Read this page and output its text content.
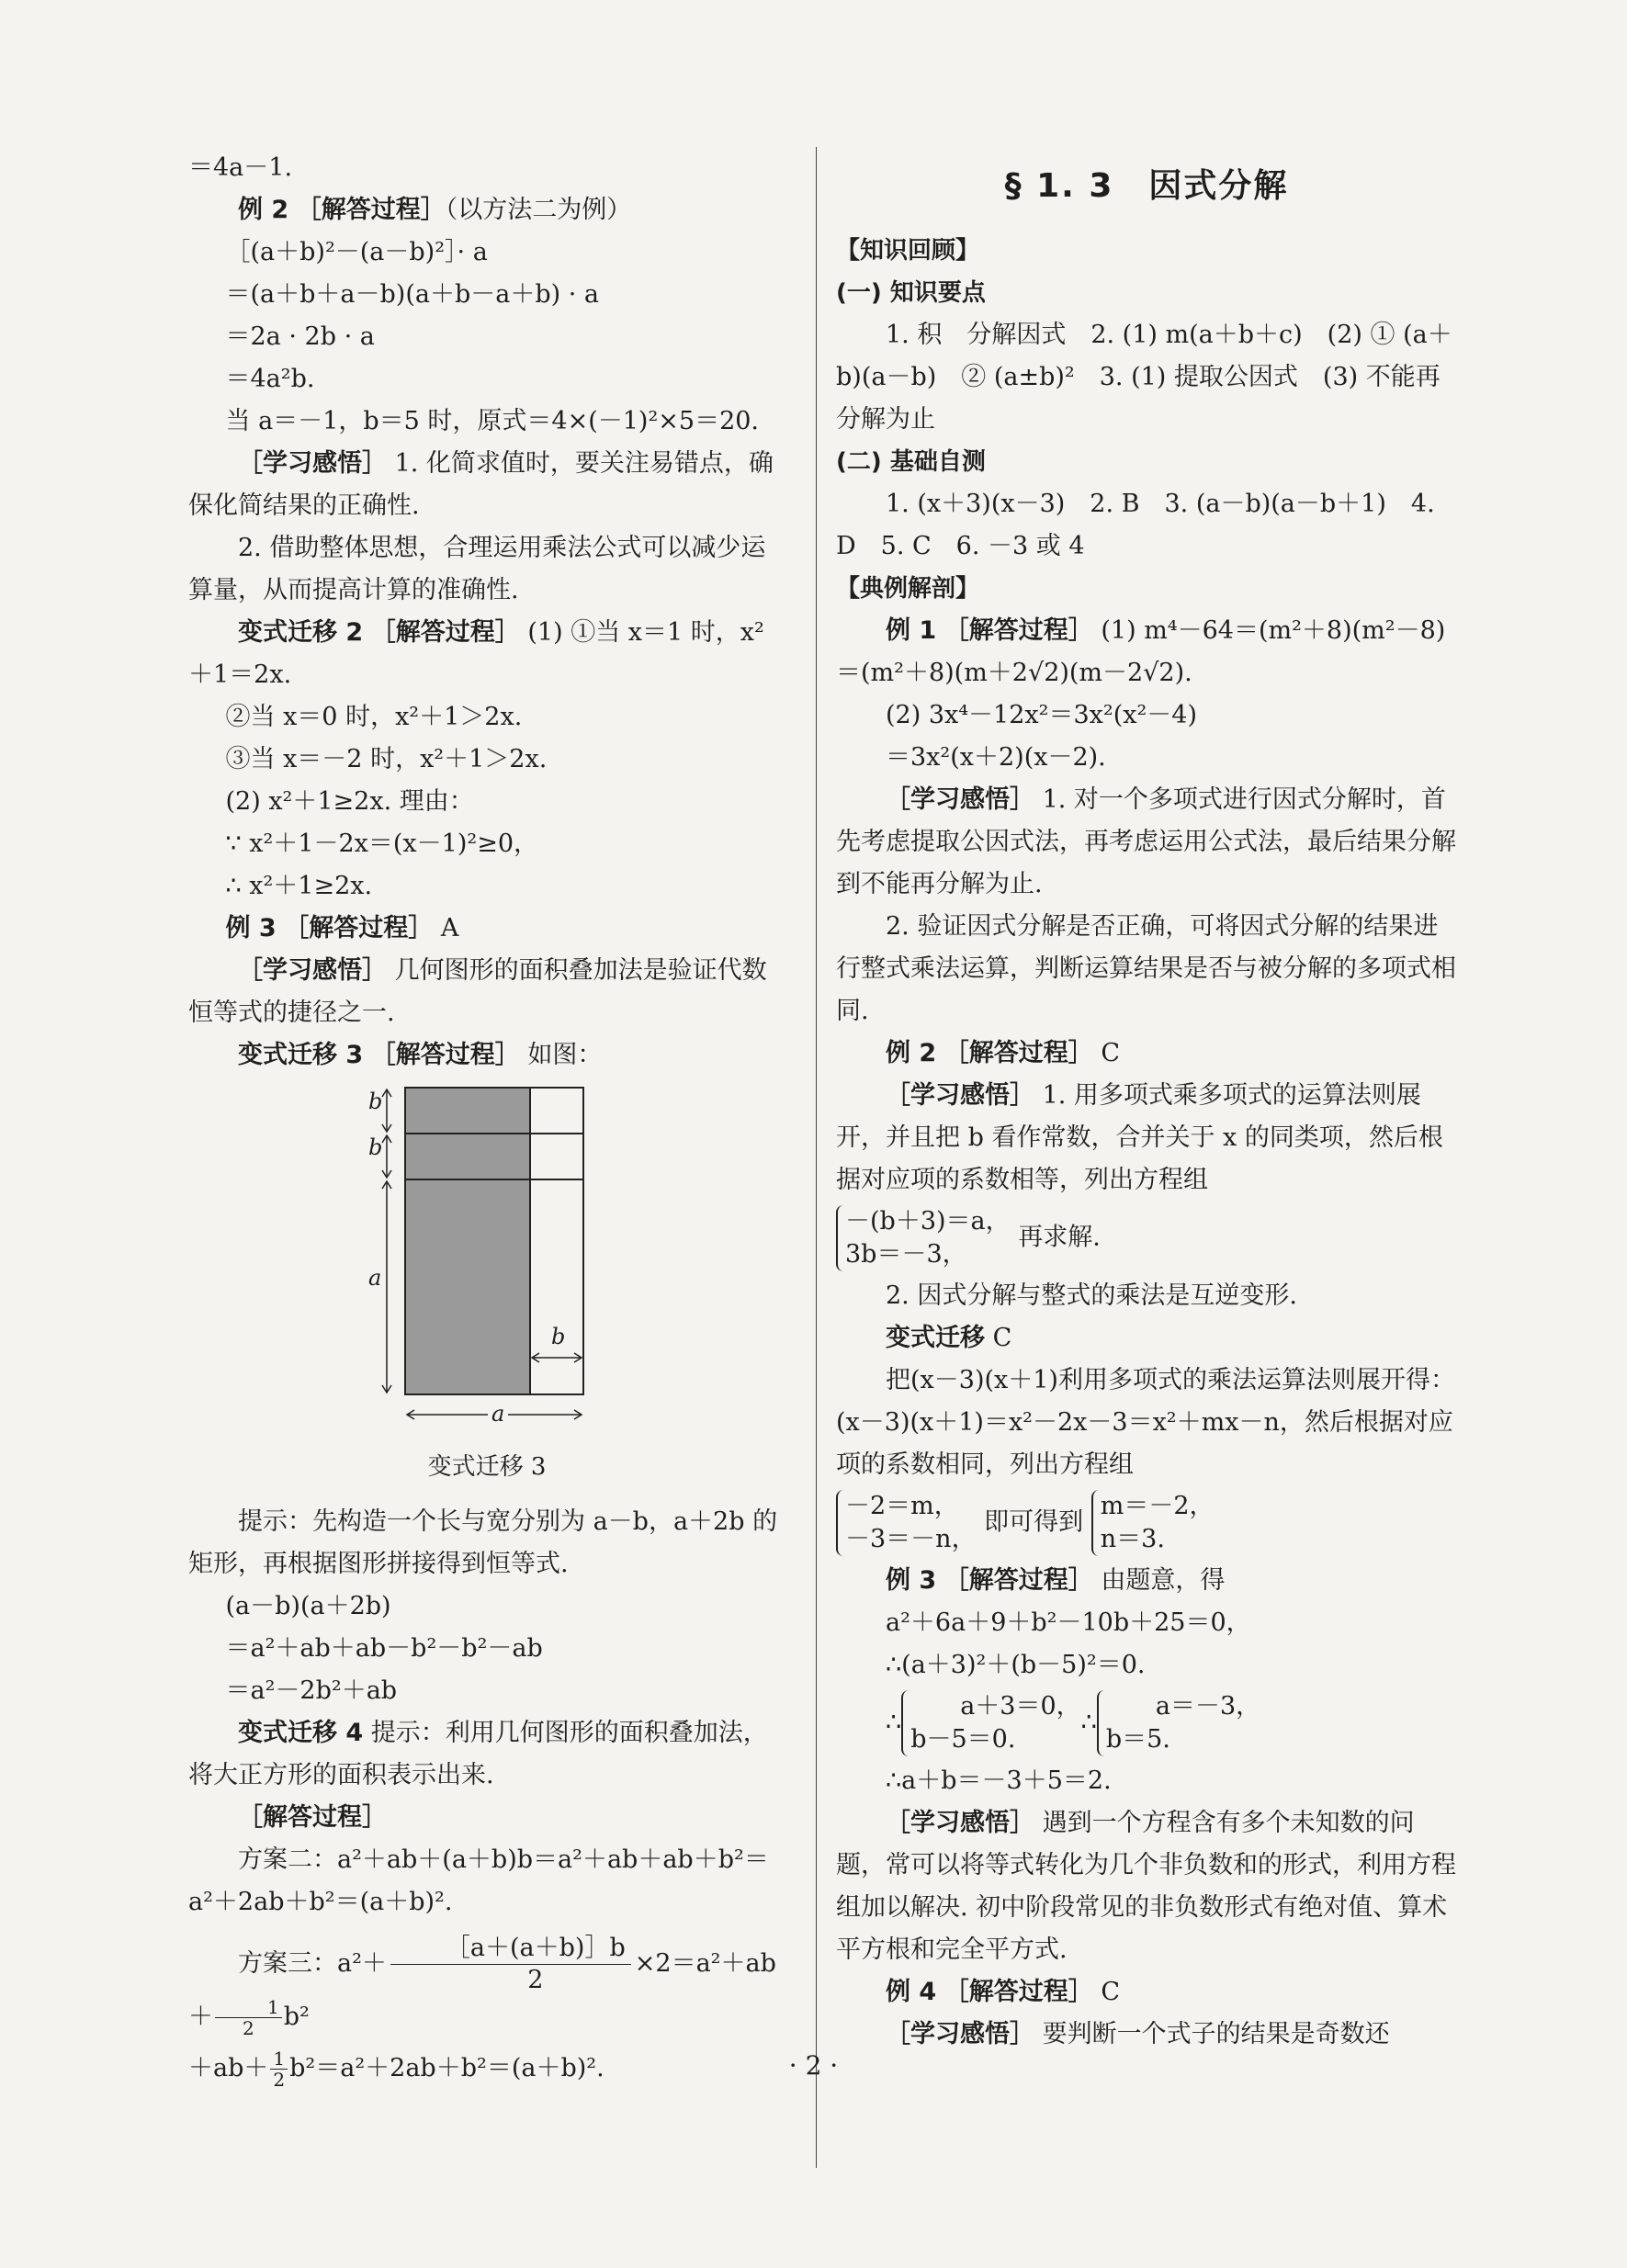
＝4a－1.

例 2 ［解答过程］（以方法二为例）

［(a＋b)²－(a－b)²］· a

＝(a＋b＋a－b)(a＋b－a＋b) · a

＝2a · 2b · a

＝4a²b.

当 a＝－1，b＝5 时，原式＝4×(－1)²×5＝20.

［学习感悟］ 1. 化简求值时，要关注易错点，确保化简结果的正确性.

2. 借助整体思想，合理运用乘法公式可以减少运算量，从而提高计算的准确性.

变式迁移 2 ［解答过程］ (1) ①当 x＝1 时，x²＋1＝2x.

②当 x＝0 时，x²＋1＞2x.

③当 x＝－2 时，x²＋1＞2x.

(2) x²＋1≥2x. 理由：

∵ x²＋1－2x＝(x－1)²≥0，

∴ x²＋1≥2x.

例 3 ［解答过程］ A

［学习感悟］ 几何图形的面积叠加法是验证代数恒等式的捷径之一.

变式迁移 3 ［解答过程］ 如图：

b
b
a
b
a

变式迁移 3

提示：先构造一个长与宽分别为 a－b，a＋2b 的矩形，再根据图形拼接得到恒等式.

(a－b)(a＋2b)

＝a²＋ab＋ab－b²－b²－ab

＝a²－2b²＋ab

变式迁移 4 提示：利用几何图形的面积叠加法，将大正方形的面积表示出来.

［解答过程］

方案二：a²＋ab＋(a＋b)b＝a²＋ab＋ab＋b²＝a²＋2ab＋b²＝(a＋b)².

方案三：$a^2+ \frac{[a+(a+b)]b}{2} \times 2=a^2+ab+ \frac{1}{2}b^2$

$+ab+ \frac{1}{2}b^2=a^2+2ab+b^2=(a+b)^2$.

§ 1. 3　因式分解

【知识回顾】

(一) 知识要点

1. 积　分解因式　2. (1) m(a＋b＋c)　(2) ① (a＋b)(a－b)　② (a±b)²　3. (1) 提取公因式　(3) 不能再分解为止

(二) 基础自测

1. (x＋3)(x－3)　2. B　3. (a－b)(a－b＋1)　4. D　5. C　6. －3 或 4

【典例解剖】

例 1 ［解答过程］ (1) m⁴－64＝(m²＋8)(m²－8)＝(m²＋8)(m＋2√2)(m－2√2).

(2) 3x⁴－12x²＝3x²(x²－4)

＝3x²(x＋2)(x－2).

［学习感悟］ 1. 对一个多项式进行因式分解时，首先考虑提取公因式法，再考虑运用公式法，最后结果分解到不能再分解为止.

2. 验证因式分解是否正确，可将因式分解的结果进行整式乘法运算，判断运算结果是否与被分解的多项式相同.

例 2 ［解答过程］ C

［学习感悟］ 1. 用多项式乘多项式的运算法则展开，并且把 b 看作常数，合并关于 x 的同类项，然后根据对应项的系数相等，列出方程组

－(b＋3)＝a，
3b＝－3， 再求解.

2. 因式分解与整式的乘法是互逆变形.

变式迁移 C

把(x－3)(x＋1)利用多项式的乘法运算法则展开得：(x－3)(x＋1)＝x²－2x－3＝x²＋mx－n，然后根据对应项的系数相同，列出方程组

－2＝m，
－3＝－n， 即可得到 m＝－2，
n＝3.

例 3 ［解答过程］ 由题意，得

a²＋6a＋9＋b²－10b＋25＝0，

∴(a＋3)²＋(b－5)²＝0.

∴a＋3＝0，
b－5＝0.∴a＝－3，
b＝5.

∴a＋b＝－3＋5＝2.

［学习感悟］ 遇到一个方程含有多个未知数的问题，常可以将等式转化为几个非负数和的形式，利用方程组加以解决. 初中阶段常见的非负数形式有绝对值、算术平方根和完全平方式.

例 4 ［解答过程］ C

［学习感悟］ 要判断一个式子的结果是奇数还

· 2 ·
